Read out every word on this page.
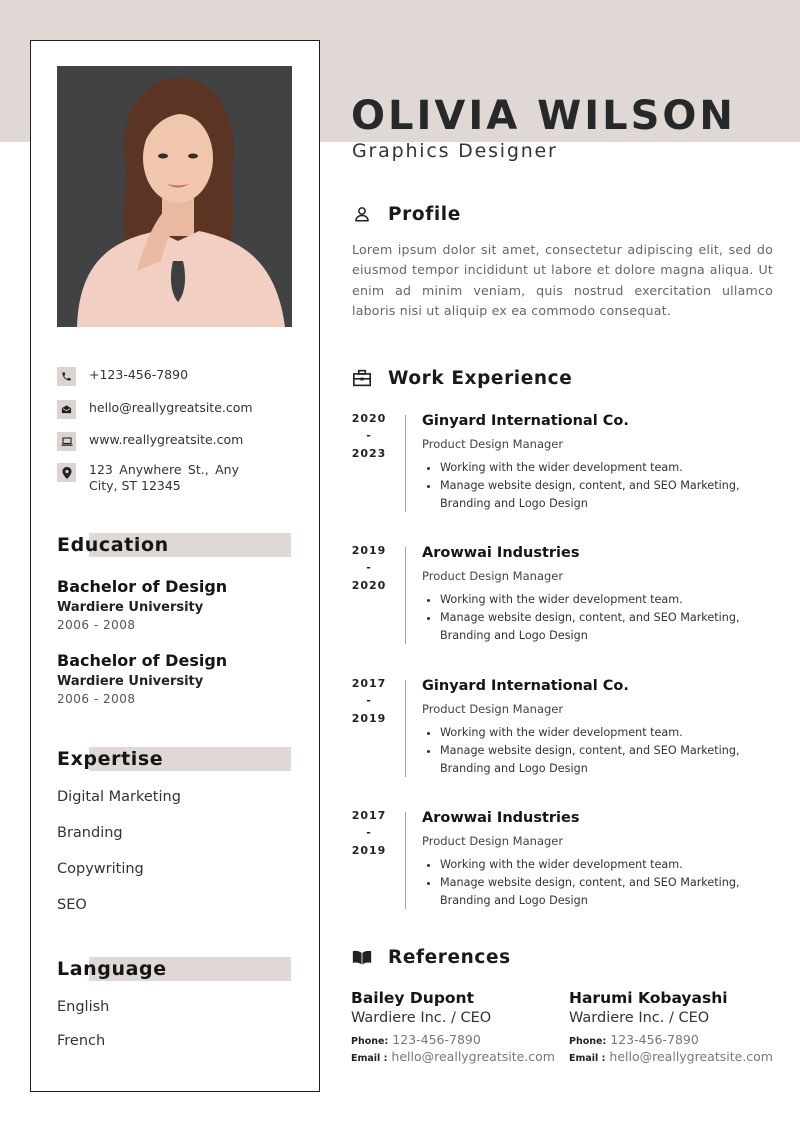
+123-456-7890
hello@reallygreatsite.com
www.reallygreatsite.com
123 Anywhere St., Any City, ST 12345
Education
Bachelor of Design
Wardiere University
2006 - 2008
Bachelor of Design
Wardiere University
2006 - 2008
Expertise
Digital Marketing
Branding
Copywriting
SEO
Language
English
French
OLIVIA WILSON
Graphics Designer
Profile
Lorem ipsum dolor sit amet, consectetur adipiscing elit, sed do eiusmod tempor incididunt ut labore et dolore magna aliqua. Ut enim ad minim veniam, quis nostrud exercitation ullamco laboris nisi ut aliquip ex ea commodo consequat.
Work Experience
2020
-
2023
Ginyard International Co.
Product Design Manager
• Working with the wider development team.
• Manage website design, content, and SEO Marketing, Branding and Logo Design
2019
-
2020
Arowwai Industries
Product Design Manager
• Working with the wider development team.
• Manage website design, content, and SEO Marketing, Branding and Logo Design
2017
-
2019
Ginyard International Co.
Product Design Manager
• Working with the wider development team.
• Manage website design, content, and SEO Marketing, Branding and Logo Design
2017
-
2019
Arowwai Industries
Product Design Manager
• Working with the wider development team.
• Manage website design, content, and SEO Marketing, Branding and Logo Design
References
Bailey Dupont
Wardiere Inc. / CEO
Phone: 123-456-7890
Email : hello@reallygreatsite.com
Harumi Kobayashi
Wardiere Inc. / CEO
Phone: 123-456-7890
Email : hello@reallygreatsite.com
